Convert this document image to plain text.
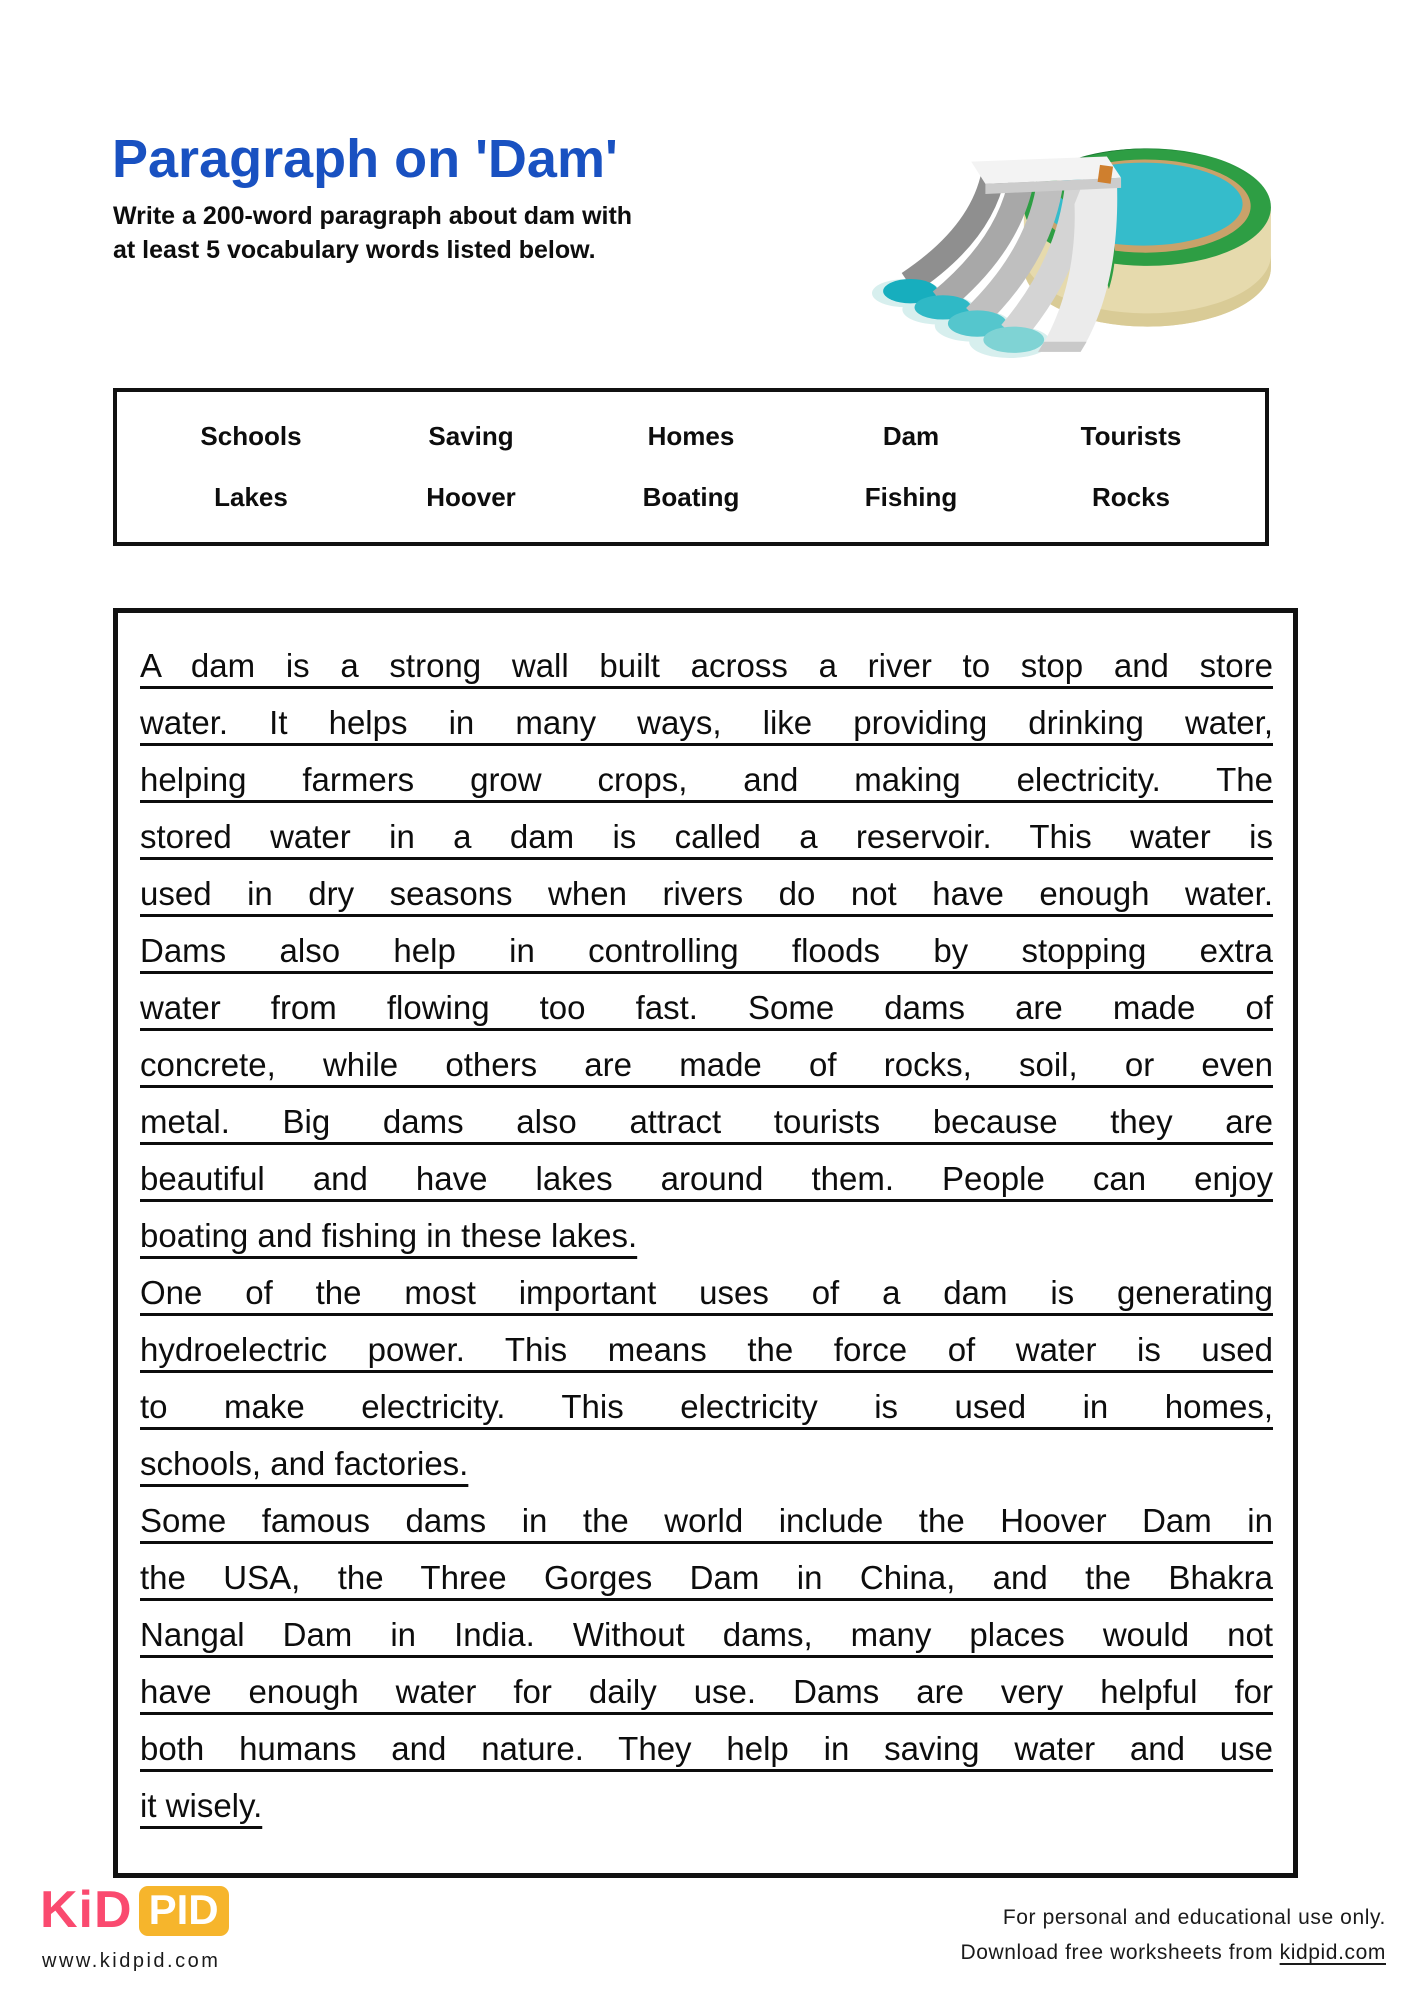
Paragraph on 'Dam'
Write a 200-word paragraph about dam with
at least 5 vocabulary words listed below.
Schools	Saving	Homes	Dam	Tourists
Lakes	Hoover	Boating	Fishing	Rocks
A dam is a strong wall built across a river to stop and store
water. It helps in many ways, like providing drinking water,
helping farmers grow crops, and making electricity. The
stored water in a dam is called a reservoir. This water is
used in dry seasons when rivers do not have enough water.
Dams also help in controlling floods by stopping extra
water from flowing too fast. Some dams are made of
concrete, while others are made of rocks, soil, or even
metal. Big dams also attract tourists because they are
beautiful and have lakes around them. People can enjoy
boating and fishing in these lakes.
One of the most important uses of a dam is generating
hydroelectric power. This means the force of water is used
to make electricity. This electricity is used in homes,
schools, and factories.
Some famous dams in the world include the Hoover Dam in
the USA, the Three Gorges Dam in China, and the Bhakra
Nangal Dam in India. Without dams, many places would not
have enough water for daily use. Dams are very helpful for
both humans and nature. They help in saving water and use
it wisely.
KiD PID
www.kidpid.com
For personal and educational use only.
Download free worksheets from kidpid.com
